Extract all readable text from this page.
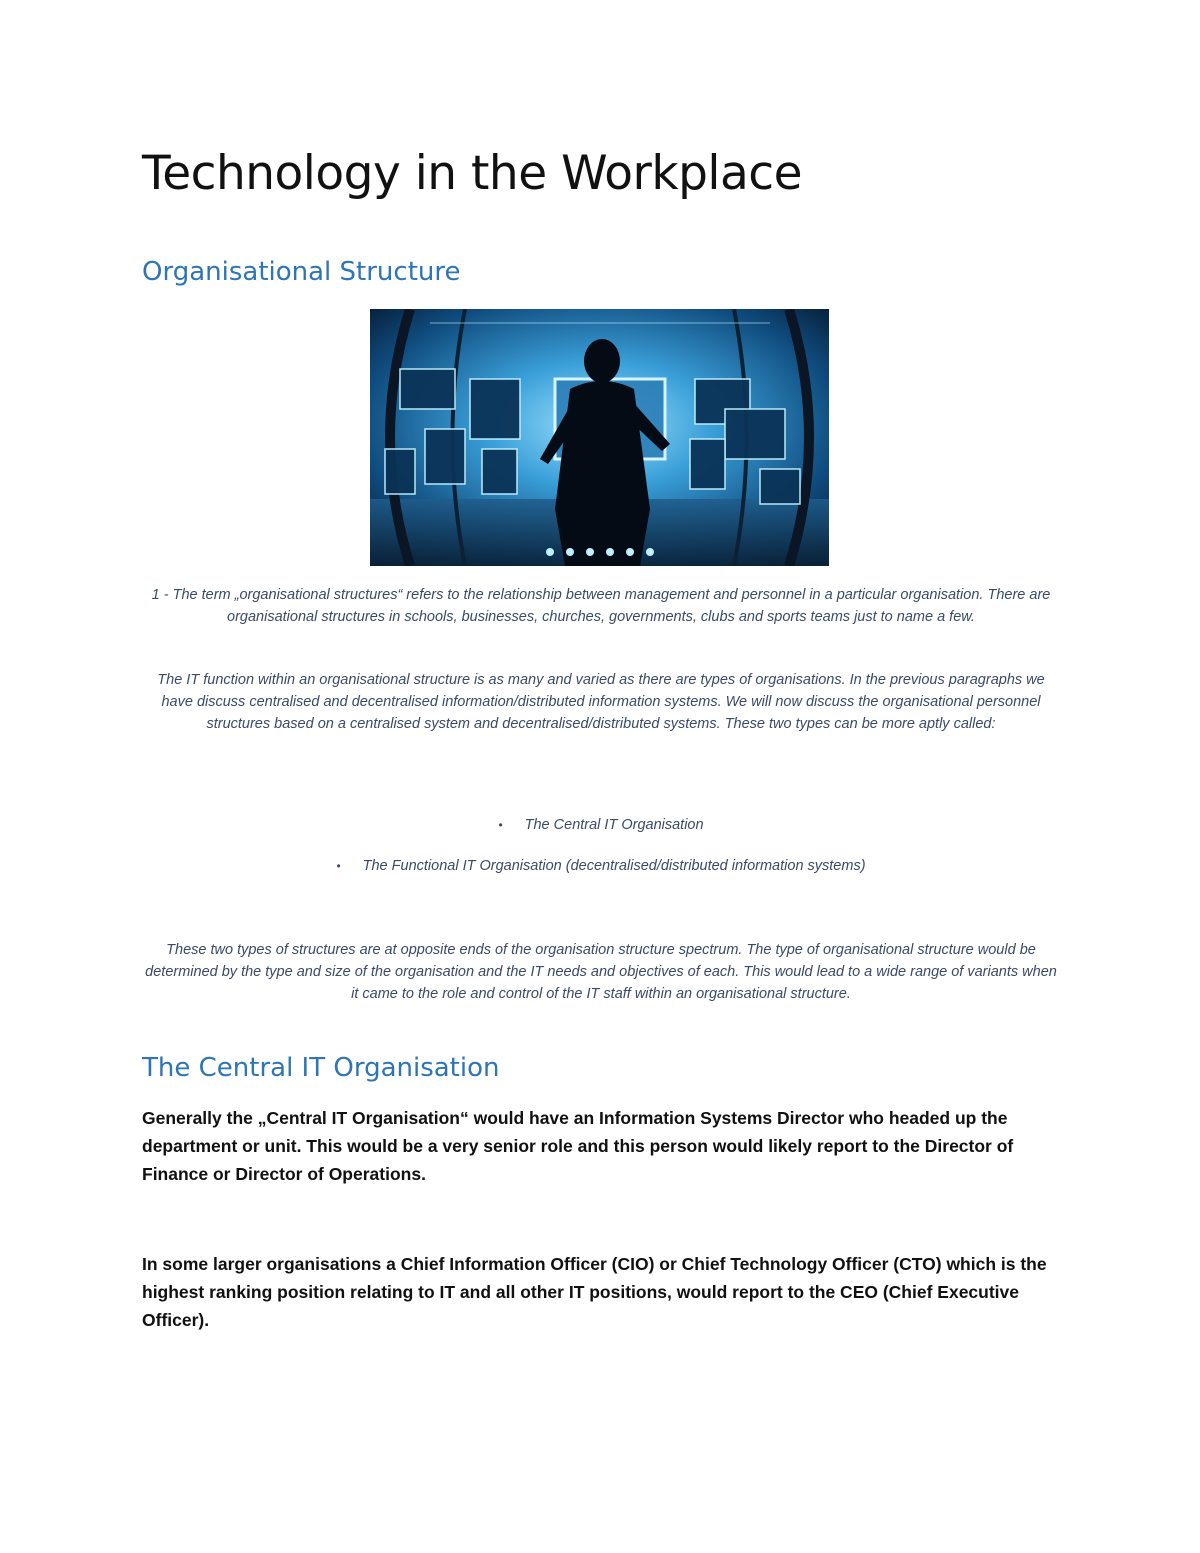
Technology in the Workplace
Organisational Structure

1 - The term „organisational structures“ refers to the relationship between management and personnel in a particular organisation. There are organisational structures in schools, businesses, churches, governments, clubs and sports teams just to name a few.

The IT function within an organisational structure is as many and varied as there are types of organisations. In the previous paragraphs we have discuss centralised and decentralised information/distributed information systems. We will now discuss the organisational personnel structures based on a centralised system and decentralised/distributed systems. These two types can be more aptly called:

• The Central IT Organisation
• The Functional IT Organisation (decentralised/distributed information systems)

These two types of structures are at opposite ends of the organisation structure spectrum. The type of organisational structure would be determined by the type and size of the organisation and the IT needs and objectives of each. This would lead to a wide range of variants when it came to the role and control of the IT staff within an organisational structure.

The Central IT Organisation

Generally the „Central IT Organisation“ would have an Information Systems Director who headed up the department or unit. This would be a very senior role and this person would likely report to the Director of Finance or Director of Operations.

In some larger organisations a Chief Information Officer (CIO) or Chief Technology Officer (CTO) which is the highest ranking position relating to IT and all other IT positions, would report to the CEO (Chief Executive Officer).
